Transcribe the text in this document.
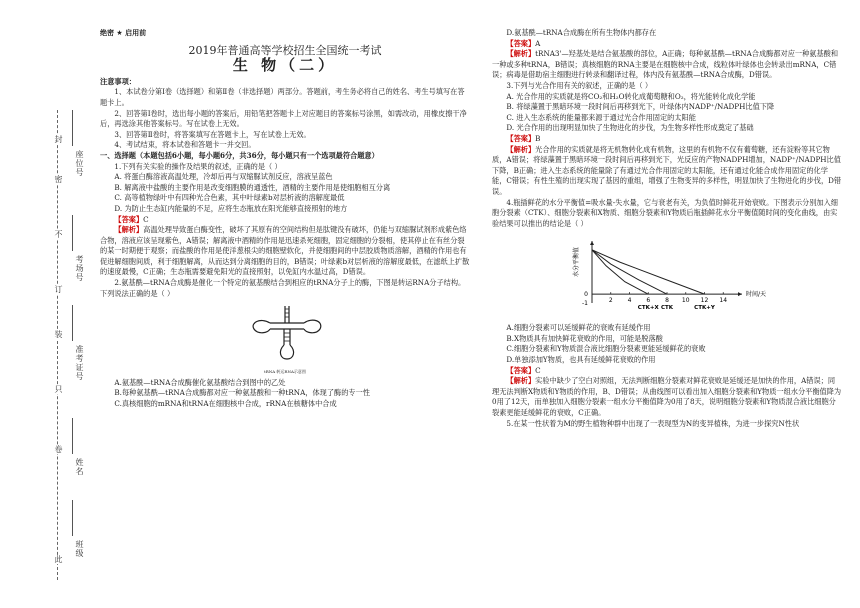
此
卷
只
装
订
不
密
封
班级
姓名
准考证号
考场号
座位号
绝密 ★ 启用前
2019年普通高等学校招生全国统一考试
生 物（二）

注意事项：

1、本试卷分第Ⅰ卷（选择题）和第Ⅱ卷（非选择题）两部分。答题前，考生务必将自己的姓名、考生号填写在答题卡上。

2、回答第Ⅰ卷时，选出每小题的答案后，用铅笔把答题卡上对应题目的答案标号涂黑，如需改动，用橡皮擦干净后，再选涂其他答案标号。写在试卷上无效。

3、回答第Ⅱ卷时，将答案填写在答题卡上，写在试卷上无效。

4、考试结束，将本试卷和答题卡一并交回。

一、选择题（本题包括6小题，每小题6分，共36分，每小题只有一个选项最符合题意）

1.下列有关实验的操作及结果的叙述，正确的是（ ）

A. 将蛋白酶溶液高温处理，冷却后再与双缩脲试剂反应，溶液呈蓝色

B. 解离液中盐酸的主要作用是改变细胞膜的通透性，酒精的主要作用是使细胞相互分离

C. 高等植物绿叶中有四种光合色素，其中叶绿素b对层析液的溶解度最低

D. 为防止生态缸内能量的不足，应将生态瓶放在阳光能够直接照射的地方

【答案】C

【解析】高温处理导致蛋白酶变性，破坏了其原有的空间结构但是肽键没有破坏，仍能与双缩脲试剂形成紫色络合物，溶液应该呈现紫色，A错误；解离液中酒精的作用是迅速杀死细胞，固定细胞的分裂相，使其停止在有丝分裂的某一时期便于观察；而盐酸的作用是使洋葱根尖的细胞壁软化，并使细胞间的中层胶质物质溶解，酒精的作用也有促进解细胞间质，利于细胞解离，从而达到分离细胞的目的，B错误；叶绿素b对层析液的溶解度最低，在滤纸上扩散的速度最慢，C正确；生态瓶需要避免阳光的直接照射，以免缸内水温过高，D错误。

2.氨基酰—tRNA合成酶是催化一个特定的氨基酸结合到相应的tRNA分子上的酶，下图是转运RNA分子结构。下列说法正确的是（ ）

tRNA 转运RNA示意图

A.氨基酰—tRNA合成酶催化氨基酸结合到图中的乙处

B.每种氨基酰—tRNA合成酶都对应一种氨基酸和一种tRNA，体现了酶的专一性

C.真核细胞的mRNA和tRNA在细胞核中合成，rRNA在核糖体中合成

D.氨基酰—tRNA合成酶在所有生物体内都存在

【答案】A

【解析】tRNA3'—羟基处是结合氨基酸的部位，A正确；每种氨基酰—tRNA合成酶都对应一种氨基酸和一种或多种tRNA，B错误；真核细胞的RNA主要是在细胞核中合成，线粒体叶绿体也会转录出mRNA，C错误；病毒是借助宿主细胞进行转录和翻译过程，体内没有氨基酰—tRNA合成酶，D错误。

3.下列与光合作用有关的叙述，正确的是（ ）

A. 光合作用的实质就是将CO₂和H₂O转化成葡萄糖和O₂，将光能转化成化学能

B. 将绿藻置于黑暗环境一段时间后再移到光下，叶绿体内NADP⁺/NADPH比值下降

C. 进入生态系统的能量都来源于通过光合作用固定的太阳能

D. 光合作用的出现明显加快了生物进化的步伐，为生物多样性形成奠定了基础

【答案】B

【解析】光合作用的实质就是将无机物转化成有机物，这里的有机物不仅有葡萄糖，还有淀粉等其它物质，A错误；将绿藻置于黑暗环境一段时间后再移到光下，光反应的产物NADPH增加，NADP⁺/NADPH比值下降，B正确；进入生态系统的能量除了有通过光合作用固定的太阳能，还有通过化能合成作用固定的化学能，C错误；有性生殖的出现实现了基因的重组，增强了生物变异的多样性，明显加快了生物进化的步伐，D错误。

4.瓶插鲜花的水分平衡值=吸水量-失水量，它与衰老有关，为负值时鲜花开始衰败。下图表示分别加入细胞分裂素（CTK）、细胞分裂素和X物质、细胞分裂素和Y物质后瓶插鲜花水分平衡值随时间的变化曲线，由实验结果可以推出的结论是（ ）

2 4 6 8 10 12 14
-1
0
水分平衡值
时间/天
CTK+X CTK	CTK+Y

A.细胞分裂素可以延缓鲜花的衰败有延缓作用

B.X物质具有加快鲜花衰败的作用，可能是脱落酸

C.细胞分裂素和Y物质混合液比细胞分裂素更能延缓鲜花的衰败

D.单独添加Y物质，也具有延缓鲜花衰败的作用

【答案】C

【解析】实验中缺少了空白对照组，无法判断细胞分裂素对鲜花衰败是延缓还是加快的作用，A错误；同理无法判断X物质和Y物质的作用，B、D错误；从曲线图可以看出加入细胞分裂素和Y物质一组水分平衡值降为0用了12天，而单独加入细胞分裂素一组水分平衡值降为0用了8天，说明细胞分裂素和Y物质混合液比细胞分裂素更能延缓鲜花的衰败，C正确。

5.在某一性状着为M的野生植物种群中出现了一表现型为N的变异植株，为进一步探究N性状
